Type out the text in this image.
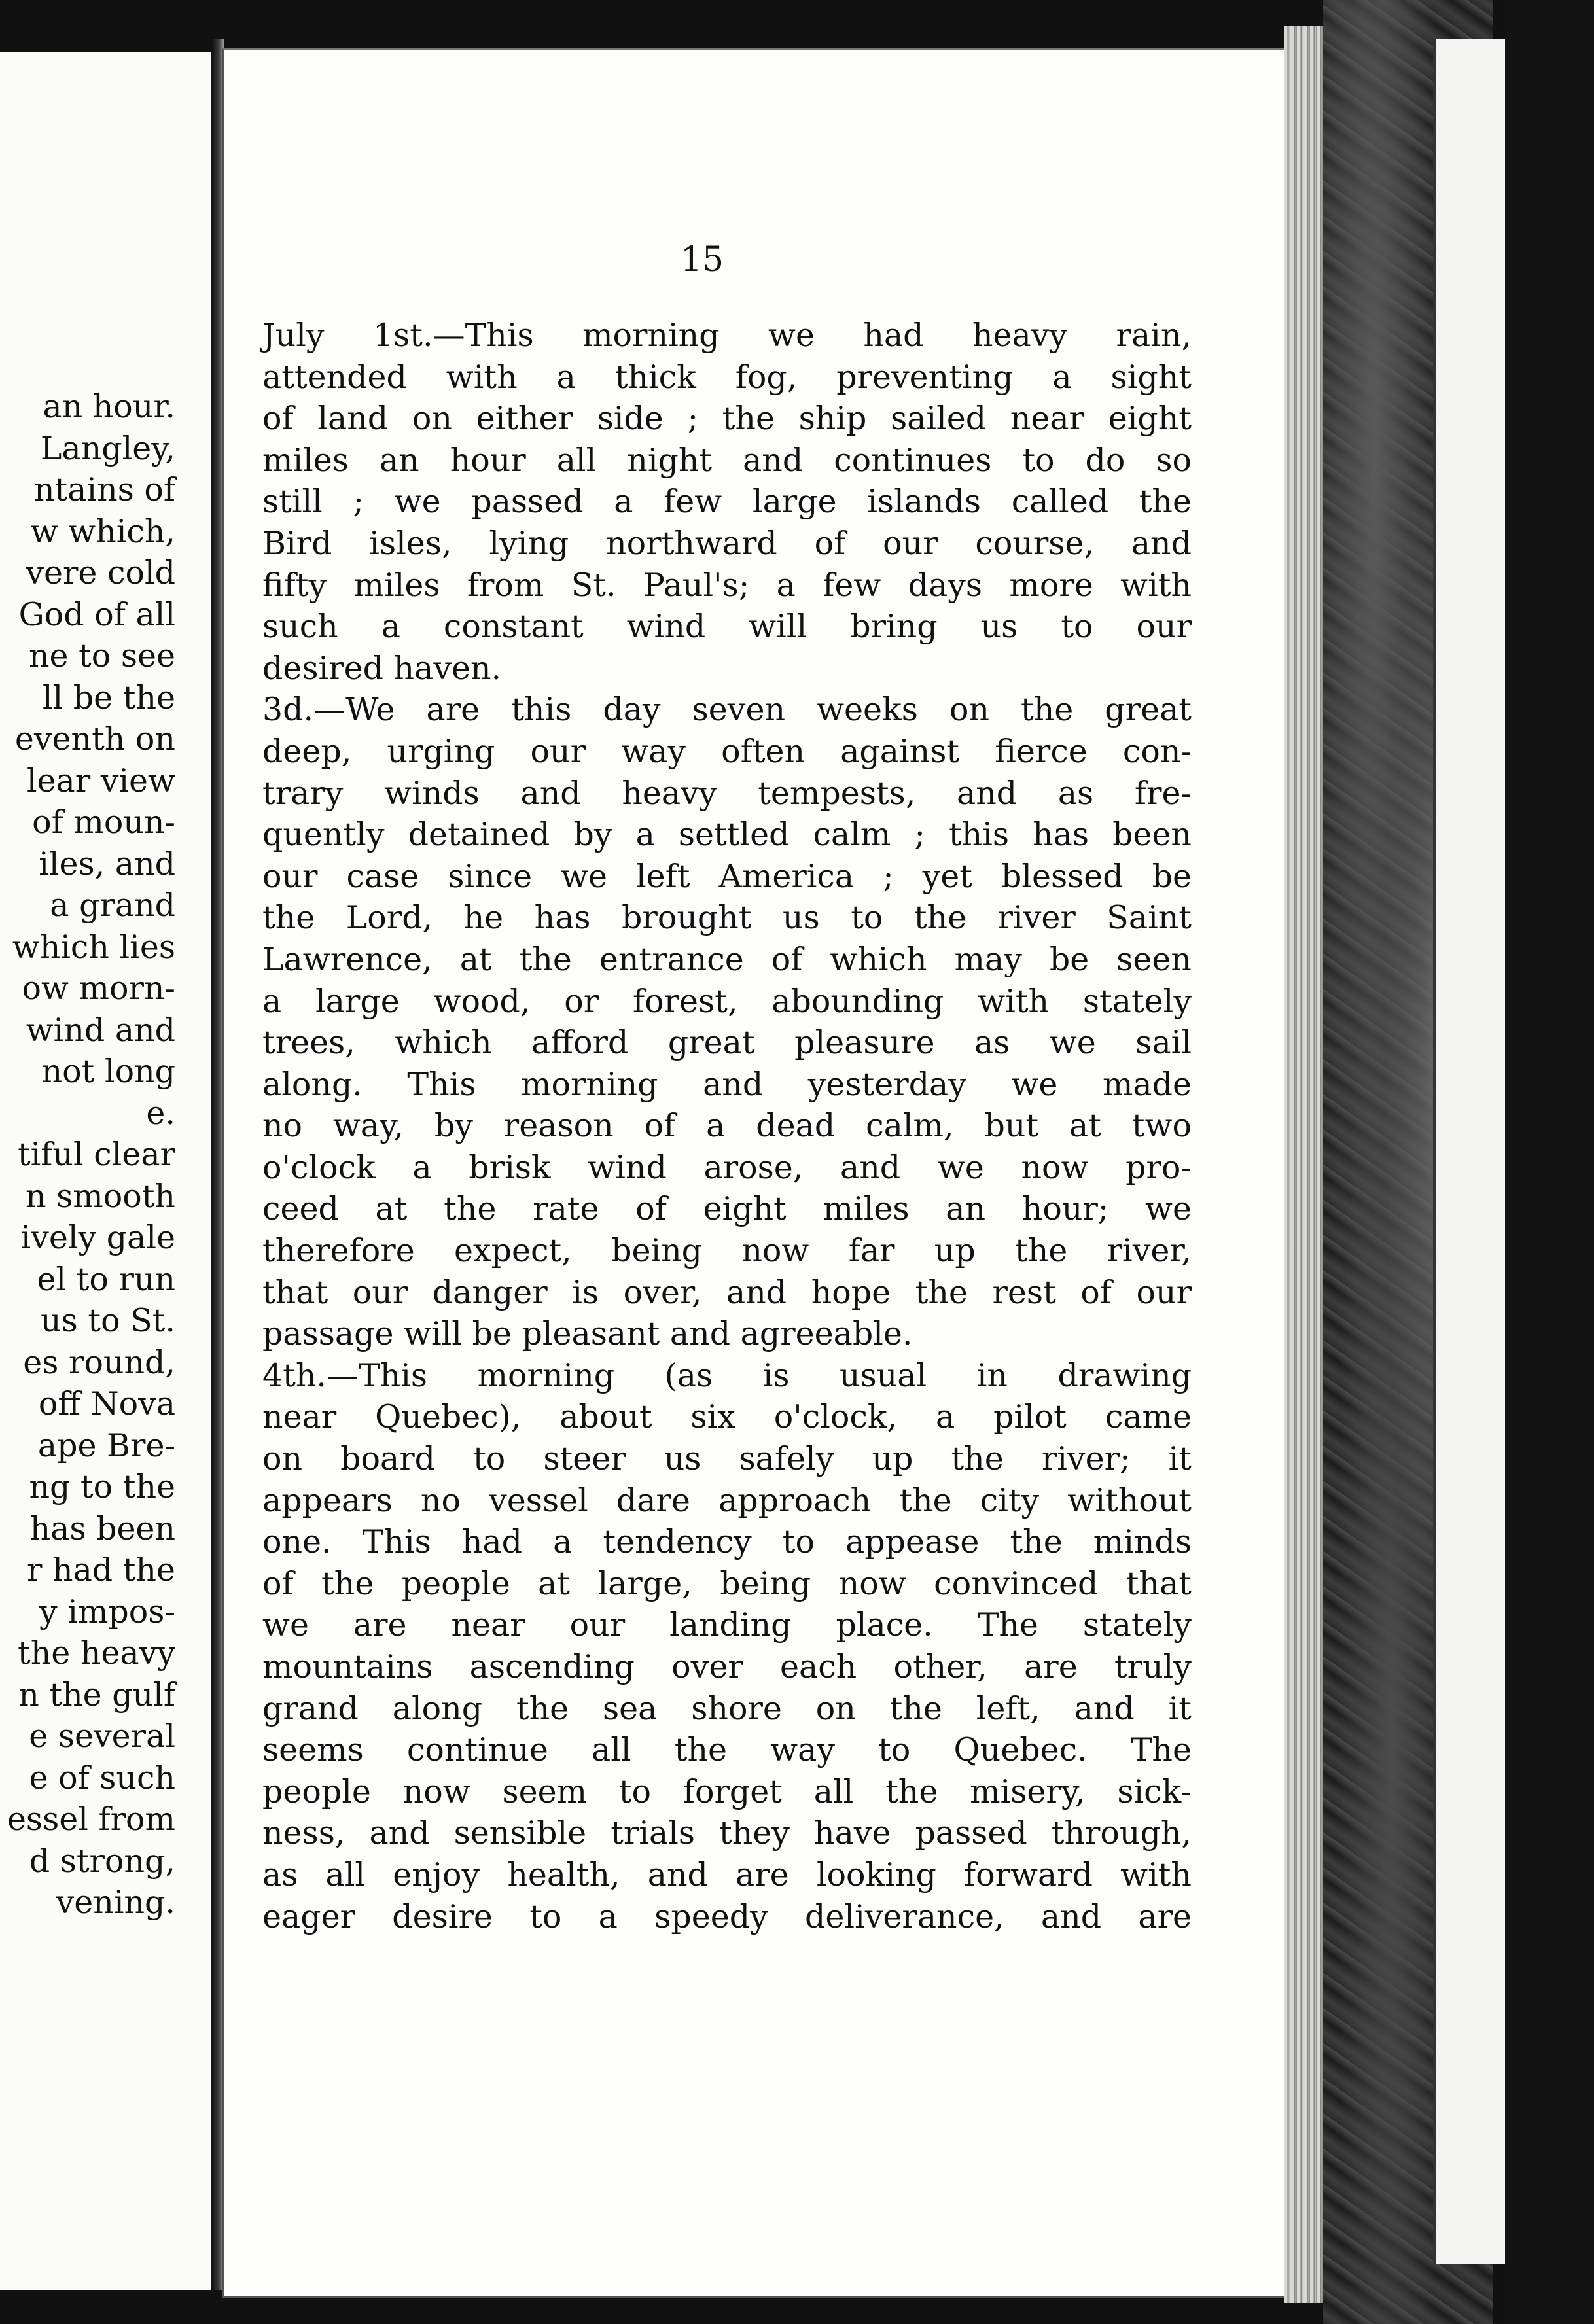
an hour.
Langley,
ntains of
w which,
vere cold
God of all
ne to see
ll be the
eventh on
lear view
of moun-
iles, and
a grand
which lies
ow morn-
wind and
not long
e.
tiful clear
n smooth
ively gale
el to run
us to St.
es round,
off Nova
ape Bre-
ng to the
has been
r had the
y impos-
the heavy
n the gulf
e several
e of such
essel from
d strong,
vening.
15
July 1st.—This morning we had heavy rain,
attended with a thick fog, preventing a sight
of land on either side ; the ship sailed near eight
miles an hour all night and continues to do so
still ; we passed a few large islands called the
Bird isles, lying northward of our course, and
fifty miles from St. Paul's; a few days more with
such a constant wind will bring us to our
desired haven.
3d.—We are this day seven weeks on the great
deep, urging our way often against fierce con-
trary winds and heavy tempests, and as fre-
quently detained by a settled calm ; this has been
our case since we left America ; yet blessed be
the Lord, he has brought us to the river Saint
Lawrence, at the entrance of which may be seen
a large wood, or forest, abounding with stately
trees, which afford great pleasure as we sail
along. This morning and yesterday we made
no way, by reason of a dead calm, but at two
o'clock a brisk wind arose, and we now pro-
ceed at the rate of eight miles an hour; we
therefore expect, being now far up the river,
that our danger is over, and hope the rest of our
passage will be pleasant and agreeable.
4th.—This morning (as is usual in drawing
near Quebec), about six o'clock, a pilot came
on board to steer us safely up the river; it
appears no vessel dare approach the city without
one. This had a tendency to appease the minds
of the people at large, being now convinced that
we are near our landing place. The stately
mountains ascending over each other, are truly
grand along the sea shore on the left, and it
seems continue all the way to Quebec. The
people now seem to forget all the misery, sick-
ness, and sensible trials they have passed through,
as all enjoy health, and are looking forward with
eager desire to a speedy deliverance, and are
